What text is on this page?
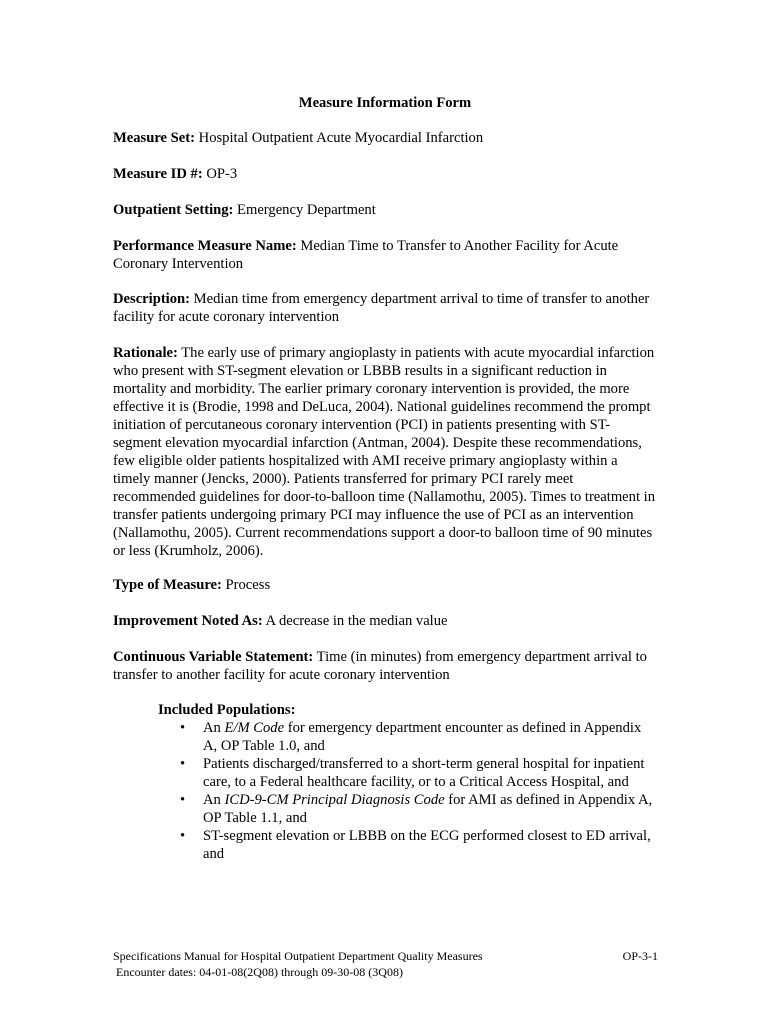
Measure Information Form

Measure Set: Hospital Outpatient Acute Myocardial Infarction

Measure ID #: OP-3

Outpatient Setting: Emergency Department

Performance Measure Name: Median Time to Transfer to Another Facility for Acute Coronary Intervention

Description: Median time from emergency department arrival to time of transfer to another facility for acute coronary intervention

Rationale: The early use of primary angioplasty in patients with acute myocardial infarction who present with ST-segment elevation or LBBB results in a significant reduction in mortality and morbidity. The earlier primary coronary intervention is provided, the more effective it is (Brodie, 1998 and DeLuca, 2004). National guidelines recommend the prompt initiation of percutaneous coronary intervention (PCI) in patients presenting with ST-segment elevation myocardial infarction (Antman, 2004). Despite these recommendations, few eligible older patients hospitalized with AMI receive primary angioplasty within a timely manner (Jencks, 2000). Patients transferred for primary PCI rarely meet recommended guidelines for door-to-balloon time (Nallamothu, 2005). Times to treatment in transfer patients undergoing primary PCI may influence the use of PCI as an intervention (Nallamothu, 2005). Current recommendations support a door-to balloon time of 90 minutes or less (Krumholz, 2006).

Type of Measure: Process

Improvement Noted As: A decrease in the median value

Continuous Variable Statement: Time (in minutes) from emergency department arrival to transfer to another facility for acute coronary intervention

Included Populations:
• An E/M Code for emergency department encounter as defined in Appendix A, OP Table 1.0, and
• Patients discharged/transferred to a short-term general hospital for inpatient care, to a Federal healthcare facility, or to a Critical Access Hospital, and
• An ICD-9-CM Principal Diagnosis Code for AMI as defined in Appendix A, OP Table 1.1, and
• ST-segment elevation or LBBB on the ECG performed closest to ED arrival, and
Specifications Manual for Hospital Outpatient Department Quality Measures
Encounter dates: 04-01-08(2Q08) through 09-30-08 (3Q08)
OP-3-1
